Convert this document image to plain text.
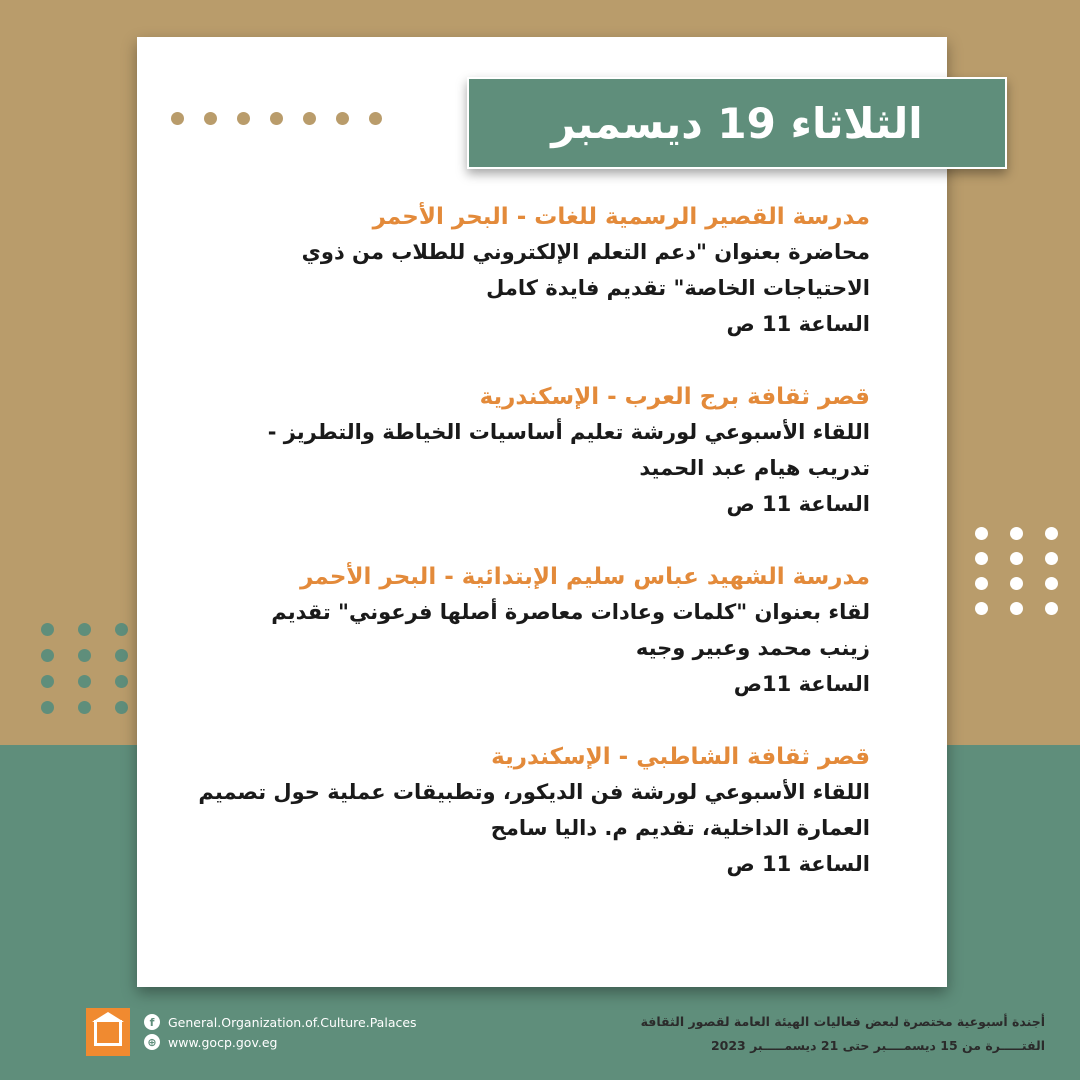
الثلاثاء 19 ديسمبر
مدرسة القصير الرسمية للغات - البحر الأحمر
محاضرة بعنوان "دعم التعلم الإلكتروني للطلاب من ذوي
الاحتياجات الخاصة" تقديم فايدة كامل
الساعة 11 ص
قصر ثقافة برج العرب - الإسكندرية
اللقاء الأسبوعي لورشة تعليم أساسيات الخياطة والتطريز -
تدريب هيام عبد الحميد
الساعة 11 ص
مدرسة الشهيد عباس سليم الإبتدائية - البحر الأحمر
لقاء بعنوان "كلمات وعادات معاصرة أصلها فرعوني" تقديم
زينب محمد وعبير وجيه
الساعة 11ص
قصر ثقافة الشاطبي - الإسكندرية
اللقاء الأسبوعي لورشة فن الديكور، وتطبيقات عملية حول تصميم
العمارة الداخلية، تقديم م. داليا سامح
الساعة 11 ص
f	General.Organization.of.Culture.Palaces
⊕ www.gocp.gov.eg
أجندة أسبوعية مختصرة لبعض فعاليات الهيئة العامة لقصور الثقافة
الفتـــــرة من 15 ديسمــــبر حتى 21 ديسمـــــبر 2023
